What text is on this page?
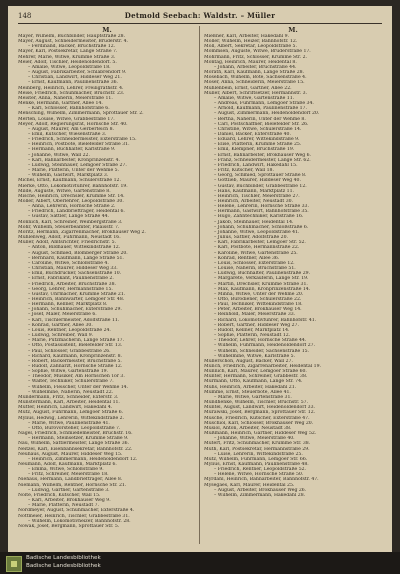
148	Detmold Seebach: Waldstr. – Müller
M.
Mayer, Wilhelm, Buchbinder, Hauptstraße 28.
Mayer, August, Schneidermeister, Brüderstr. 4.
– Ferdinand, Bäcker, Bruchstraße 12.
Mayer, Karl, Postsekretär, Lange Straße 7.
Mehrer, Marie, Witwe, Krumme Straße 3.
Meier, Adolf, Tischler, Heidenoldendorf. 5.
– Amalie, Witwe, Leopoldstraße 18.
– August, Fabrikarbeiter, Schlabrendorf 9.
– Christian, Landwirt, Hiddeser Weg 21.
– Ernst, Kaufmann, Paulinenstraße 36.
Meinberg, Heinrich, Lehrer, Freiligrathstr. 4.
Meise, Friedrich, Schuhmacher, Bruchstr. 23.
Meister, Anna, Näherin, Meierstraße 11.
Menke, Hermann, Gärtner, Allee 14.
– Karl, Schlosser, Bahnhofstraße 6.
Mensching, Wilhelm, Zimmermann, Sprottauer Str. 2.
Merten, Louise, Witwe, Grabbestraße 17.
Meyer, Adolf, Regierungsrat, Hornsche Str. 40.
– August, Maurer, Am Gerberteich 8.
– Emil, Kutscher, Wiesenstraße 3.
– Friedrich, Schneidermeister, Exterstraße 15.
– Heinrich, Postbote, Bielefelder Straße 31.
– Hermann, Buchhalter, Karlstraße 9.
– Johanne, Witwe, Wall 22.
– Karl, Bahnarbeiter, Kronprinzenstr. 4.
– Ludwig, Steinhauer, Lemgoer Straße 27.
– Marie, Plätterin, Unter der Wehme 5.
– Wilhelm, Gastwirt, Marktplatz 3.
Michel, Ernst, Kaufmann, Schülerstraße 12.
Mierke, Otto, Lokomotivführer, Bahnhofstr. 19.
Milde, Auguste, Witwe, Gartenstraße 8.
Mische, Heinrich, Drechsler, Krumme Str. 14.
Möller, Albert, Oberlehrer, Leopoldstraße 30.
– Anna, Lehrerin, Hornsche Straße 2.
– Friedrich, Landbriefträger, Heidental 6.
– Gustav, Sattler, Lange Straße 44.
Mönnich, Karl, Schreiner, Weinbergstraße 3.
Mohr, Wilhelm, Steuerbeamter, Palaisstr. 7.
Moritz, Hermann, Zigarrenmacher, Brokhauser Weg 2.
Mühlenweg, Adolf, Fuhrmann, Neustadt 16.
Müller, Adolf, Amtsrichter, Friedrichstr. 5.
– Anton, Bildhauer, Wittekindstraße 12.
– August, Schmied, Blomberger Straße 20.
– Bernhard, Kaufmann, Lange Straße 51.
– Caroline, Witwe, Schloßstraße 4.
– Christian, Maurer, Hiddeser Weg 33.
– Emil, Buchdrucker, Sachsenstraße 10.
– Ernst, Fabrikant, Paulinenstraße 2.
– Friedrich, Arbeiter, Bruchstraße 38.
– Georg, Lehrer, Hermannstraße 15.
– Gustav, Uhrmacher, Krumme Straße 21.
– Heinrich, Bahnwärter, Lemgoer Str. 48.
– Hermann, Kellner, Marktplatz 8.
– Johann, Schuhmacher, Exterstraße 29.
– Josef, Maler, Meierstraße 6.
– Karl, Tischlermeister, Adolfstraße 11.
– Konrad, Gärtner, Allee 30.
– Louis, Rentner, Leopoldstraße 24.
– Ludwig, Schreiber, Wall 9.
– Marie, Putzmacherin, Lange Straße 17.
– Otto, Postassistent, Bielefelder Str. 13.
– Paul, Schlosser, Grabbestraße 26.
– Richard, Kaufmann, Kronprinzenstr. 8.
– Robert, Bäckermeister, Bruchstraße 5.
– Rudolf, Zahnarzt, Hornsche Straße 12.
– Sophie, Witwe, Gartenstraße 19.
– Theodor, Musiker, Am Hornschen Tor 3.
– Walter, Techniker, Schülerstraße 7.
– Wilhelm, Fleischer, Unter der Wehme 14.
– Wilhelmine, Näherin, Neustadt 22.
Mündermann, Fritz, Schneider, Exterstr. 3.
Münstermann, Karl, Arbeiter, Heidental 11.
Mutter, Heinrich, Landwirt, Hakedahl 4.
Mutz, August, Fuhrmann, Lemgoer Straße 6.
Mylius, Hedwig, Lehrerin, Wittekindstraße 2.
– Marie, Witwe, Paulinenstraße 41.
– Otto, Bürovorsteher, Leopoldstraße 7.
Nagel, Friedrich, Schmiedemeister, Bruchstr. 16.
– Hermann, Steinsetzer, Krumme Straße 9.
Nau, Wilhelm, Sattlermeister, Lange Straße 36.
Neitzel, Karl, Eisenbahnsekretär, Bahnhofstr. 22.
Neuhaus, August, Maurer, Hiddeser Weg 15.
– Heinrich, Zimmermann, Heidenoldendorf 12.
Neumann, Adolf, Kaufmann, Marktplatz 6.
– Emma, Witwe, Schloßstraße 9.
– Fritz, Schreiner, Meierstraße 18.
Niehaus, Hermann, Landbriefträger, Allee 8.
Niemann, Wilhelm, Rentner, Hornsche Str. 21.
– Ludwig, Gärtner, Gartenstraße 3.
Nolte, Friedrich, Kutscher, Wall 15.
– Karl, Arbeiter, Brokhauser Weg 9.
– Marie, Plätterin, Neustadt 7.
Nordmeyer, August, Schuhmacher, Exterstraße 4.
Nottmeier, Heinrich, Tischler, Grabbestraße 31.
– Wilhelm, Lokomotivheizer, Bahnhofstr. 28.
Nowak, Josef, Bergmann, Sprottauer Str. 5.
M.
Mießner, Karl, Arbeiter, Hakedahl 9.
Möller, Wilhelm, Heizer, Bahnhofstr. 12.
Möll, Albert, Sekretär, Leopoldstraße 5.
Mommsen, Auguste, Witwe, Brüderstraße 17.
Mohrmann, Fritz, Schlosser, Krumme Str. 2.
Montag, Heinrich, Maurer, Heidental 8.
– Johann, Arbeiter, Bruchstraße 44.
Morath, Karl, Kaufmann, Lange Straße 28.
Mosebach, Wilhelm, Bote, Sachsenstraße 4.
Moser, Anna, Schneiderin, Meierstraße 15.
Mühlenbein, Ernst, Gärtner, Allee 22.
Müller, Albert, Schriftsetzer, Hermannstr. 3.
– Amalie, Witwe, Gartenstraße 11.
– Andreas, Fuhrmann, Lemgoer Straße 34.
– Arnold, Kaufmann, Paulinenstraße 17.
– August, Zimmermann, Heidenoldendorf 20.
– Bertha, Näherin, Unter der Wehme 8.
– Carl, Postschaffner, Bielefelder Str. 26.
– Christine, Witwe, Schülerstraße 14.
– Daniel, Bäcker, Exterstraße 40.
– Eduard, Lehrer, Wittekindstraße 9.
– Elise, Plätterin, Krumme Straße 25.
– Emil, Klempner, Bruchstraße 19.
– Ernst, Bahnarbeiter, Brokhauser Weg 6.
– Franz, Schneidermeister, Lange Str. 62.
– Friedrich, Landwirt, Hakedahl 15.
– Fritz, Kutscher, Wall 18.
– Georg, Schmied, Sprottauer Straße 8.
– Gottlieb, Maurer, Hiddeser Weg 40.
– Gustav, Buchbinder, Grabbestraße 12.
– Hans, Kaufmann, Marktplatz 11.
– Heinrich, Tischler, Meierstraße 27.
– Heinrich, Arbeiter, Neustadt 30.
– Helene, Lehrerin, Hornsche Straße 33.
– Hermann, Gastwirt, Bahnhofstraße 35.
– Hugo, Zahntechniker, Karlstraße 16.
– Jakob, Steinhauer, Heidental 14.
– Johann, Schuhmacher, Schloßstraße 6.
– Johanne, Witwe, Leopoldstraße 41.
– Julius, Sattler, Adolfstraße 20.
– Karl, Fabrikarbeiter, Lemgoer Str. 52.
– Karl, Postbote, Hermannstraße 22.
– Karoline, Witwe, Gartenstraße 25.
– Konrad, Rentner, Allee 36.
– Louis, Schlosser, Exterstraße 12.
– Louise, Näherin, Bruchstraße 51.
– Ludwig, Buchhalter, Paulinenstraße 29.
– Margarete, Verkäuferin, Lange Str. 19.
– Martin, Drechsler, Krumme Straße 31.
– Max, Kaufmann, Kronprinzenstraße 14.
– Minna, Witwe, Unter der Wehme 20.
– Otto, Bürodiener, Schülerstraße 22.
– Paul, Techniker, Wittekindstraße 18.
– Peter, Arbeiter, Brokhauser Weg 14.
– Reinhold, Maler, Meierstraße 33.
– Richard, Lokomotivführer, Bahnhofstr. 41.
– Robert, Gärtner, Hiddeser Weg 27.
– Rudolf, Kellner, Marktplatz 14.
– Sophie, Plätterin, Neustadt 12.
– Theodor, Lehrer, Hornsche Straße 44.
– Wilhelm, Fuhrmann, Heidenoldendorf 27.
– Wilhelm, Schneider, Sachsenstraße 15.
– Wilhelmine, Witwe, Karlstraße 5.
Müllerschön, August, Bäcker, Wall 27.
Münch, Friedrich, Zigarrenarbeiter, Heidental 19.
Münnich, Karl, Maurer, Lemgoer Straße 60.
Münter, Hermann, Schreiner, Grabbestr. 38.
Mürmann, Otto, Kaufmann, Lange Str. 74.
Muhs, Heinrich, Arbeiter, Hakedahl 21.
Mumme, Ernst, Steuerbote, Allee 41.
– Marie, Witwe, Gartenstraße 31.
Mundhenke, Wilhelm, Tischler, Bruchstr. 57.
Muntel, August, Landwirt, Heidenoldendorf 33.
Murawski, Josef, Bergmann, Sprottauer Str. 12.
Musche, Friedrich, Kutscher, Exterstraße 47.
Muschiol, Karl, Schlosser, Brokhauser Weg 20.
Musiol, Anton, Arbeiter, Neustadt 38.
Mußmann, Heinrich, Gärtner, Hiddeser Weg 52.
– Johanne, Witwe, Meierstraße 40.
Mutert, Fritz, Schuhmacher, Krumme Str. 38.
Muth, Karl, Postsekretär, Hermannstraße 29.
– Luise, Lehrerin, Wittekindstraße 25.
Mutz, Wilhelm, Fuhrmann, Lemgoer Str. 66.
Mylius, Ernst, Kaufmann, Paulinenstraße 48.
– Friedrich, Rentner, Leopoldstraße 52.
– Helene, Witwe, Hornsche Straße 50.
Myrdahl, Heinrich, Bahnarbeiter, Bahnhofstr. 47.
Mysegaes, Karl, Maurer, Heidental 25.
– August, Arbeiter, Brokhauser Weg 26.
– Wilhelm, Zimmermann, Hakedahl 28.
Badische Landesbibliothek
Badische Landesbibliothek
